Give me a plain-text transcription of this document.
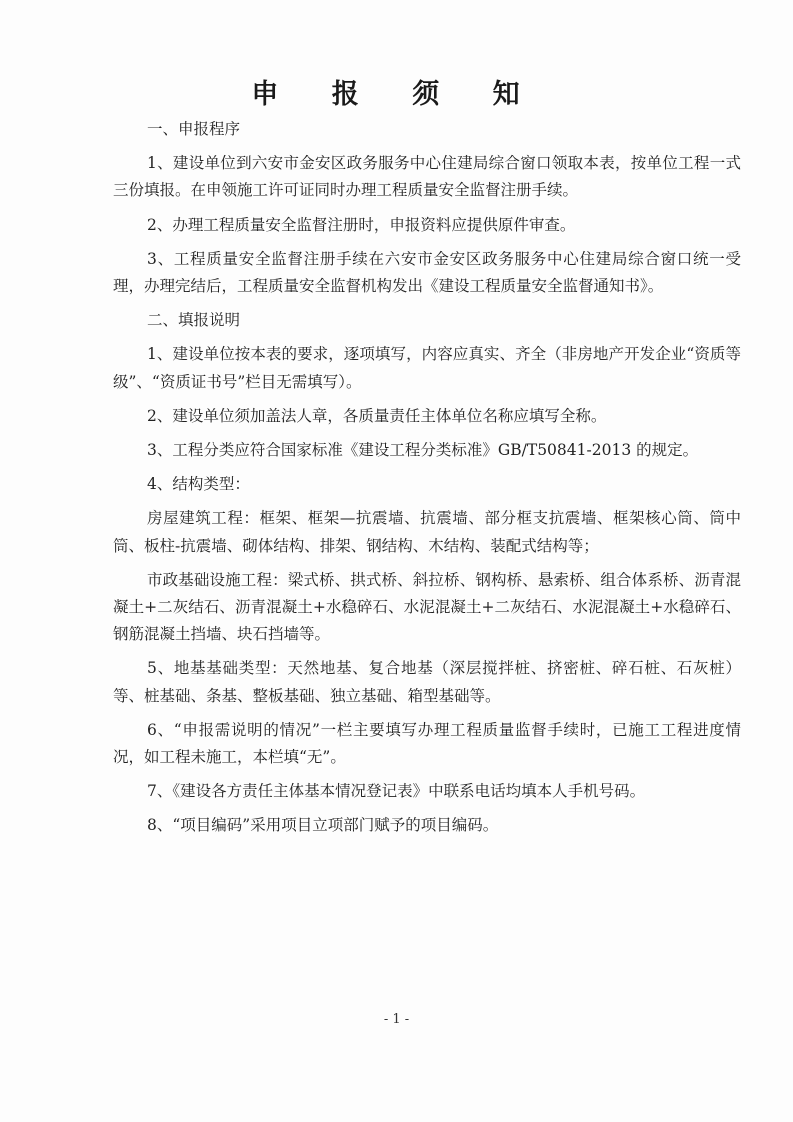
申 报 须 知

一、申报程序

1、建设单位到六安市金安区政务服务中心住建局综合窗口领取本表，按单位工程一式三份填报。在申领施工许可证同时办理工程质量安全监督注册手续。

2、办理工程质量安全监督注册时，申报资料应提供原件审查。

3、工程质量安全监督注册手续在六安市金安区政务服务中心住建局综合窗口统一受理，办理完结后，工程质量安全监督机构发出《建设工程质量安全监督通知书》。

二、填报说明

1、建设单位按本表的要求，逐项填写，内容应真实、齐全（非房地产开发企业“资质等级”、“资质证书号”栏目无需填写）。

2、建设单位须加盖法人章，各质量责任主体单位名称应填写全称。

3、工程分类应符合国家标准《建设工程分类标准》GB/T50841-2013 的规定。

4、结构类型：

房屋建筑工程：框架、框架—抗震墙、抗震墙、部分框支抗震墙、框架核心筒、筒中筒、板柱-抗震墙、砌体结构、排架、钢结构、木结构、装配式结构等；

市政基础设施工程：梁式桥、拱式桥、斜拉桥、钢构桥、悬索桥、组合体系桥、沥青混凝土+二灰结石、沥青混凝土+水稳碎石、水泥混凝土+二灰结石、水泥混凝土+水稳碎石、钢筋混凝土挡墙、块石挡墙等。

5、地基基础类型：天然地基、复合地基（深层搅拌桩、挤密桩、碎石桩、石灰桩）等、桩基础、条基、整板基础、独立基础、箱型基础等。

6、“申报需说明的情况”一栏主要填写办理工程质量监督手续时，已施工工程进度情况，如工程未施工，本栏填“无”。

7、《建设各方责任主体基本情况登记表》中联系电话均填本人手机号码。

8、“项目编码”采用项目立项部门赋予的项目编码。

- 1 -
